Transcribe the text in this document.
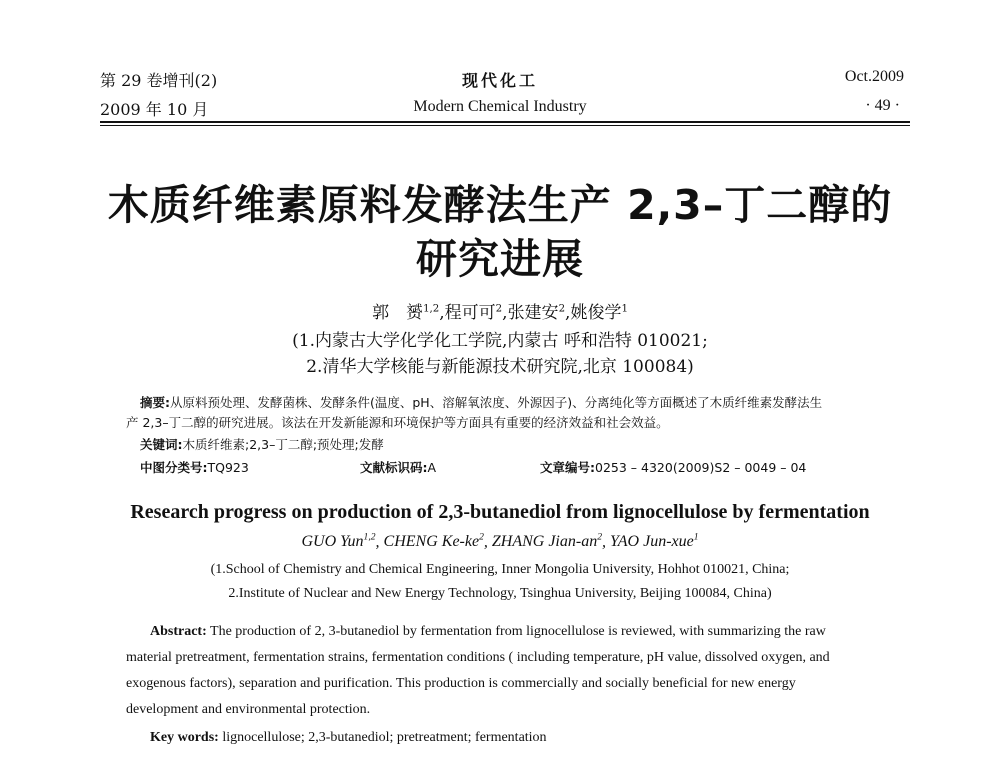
第 29 卷增刊(2)	现代化工	Oct.2009
2009 年 10 月	Modern Chemical Industry	· 49 ·
木质纤维素原料发酵法生产 2,3–丁二醇的
研究进展
郭　赟$^{1,2}$,程可可$^2$,张建安$^2$,姚俊学$^1$
(1.内蒙古大学化学化工学院,内蒙古 呼和浩特 010021;
2.清华大学核能与新能源技术研究院,北京 100084)
摘要:从原料预处理、发酵菌株、发酵条件(温度、pH、溶解氧浓度、外源因子)、分离纯化等方面概述了木质纤维素发酵法生
产 2,3–丁二醇的研究进展。该法在开发新能源和环境保护等方面具有重要的经济效益和社会效益。
关键词:木质纤维素;2,3–丁二醇;预处理;发酵
中图分类号:TQ923	文献标识码:A	文章编号:0253 – 4320(2009)S2 – 0049 – 04
Research progress on production of 2,3-butanediol from lignocellulose by fermentation
GUO Yun$^{1,2}$, CHENG $Ke-ke^2$, ZHANG Jian-$an^2$, YAO Jun-xue$^1$
(1.School of Chemistry and Chemical Engineering, Inner Mongolia University, Hohhot 010021, China;
2.Institute of Nuclear and New Energy Technology, Tsinghua University, Beijing 100084, China)
Abstract: The production of 2, 3-butanediol by fermentation from lignocellulose is reviewed, with summarizing the raw
material pretreatment, fermentation strains, fermentation conditions ( including temperature, pH value, dissolved oxygen, and
exogenous factors), separation and purification. This production is commercially and socially beneficial for new energy
development and environmental protection.
Key words: lignocellulose; 2,3-butanediol; pretreatment; fermentation
